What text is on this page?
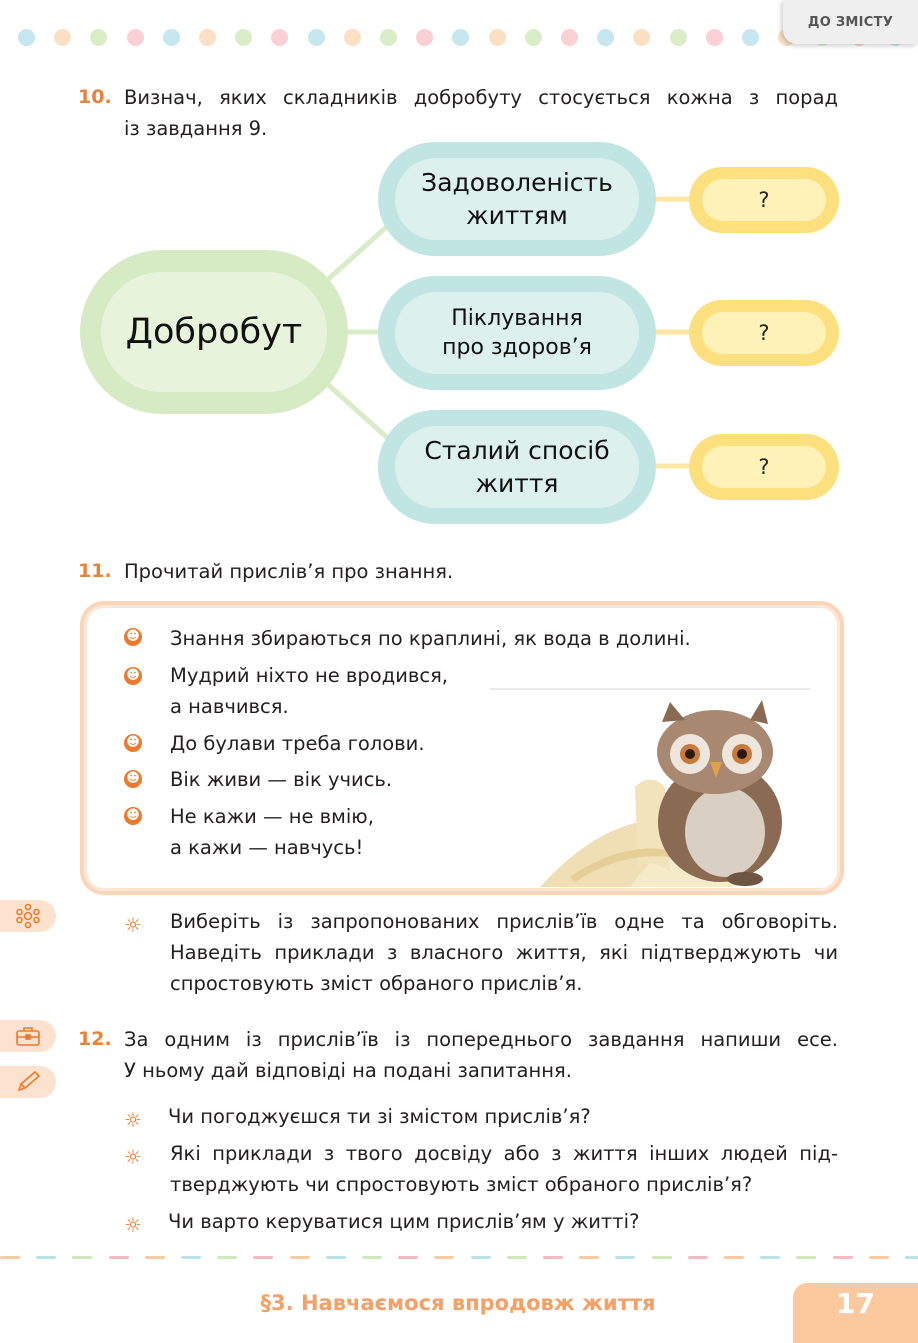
ДО ЗМІСТУ
10. Визнач, яких складників добробуту стосується кожна з порад
із завдання 9.
Добробут
Задоволеність
життям
?
Піклування
про здоров’я
?
Сталий спосіб
життя
?
11. Прочитай прислів’я про знання.
☻ Знання збираються по краплині, як вода в долині.
☻ Мудрий ніхто не вродився,
а навчився.
☻ До булави треба голови.
☻ Вік живи — вік учись.
☻ Не кажи — не вмію,
а кажи — навчусь!
☼ Виберіть із запропонованих прислів’їв одне та обговоріть.
Наведіть приклади з власного життя, які підтверджують чи
спростовують зміст обраного прислів’я.
12. За одним із прислів’їв із попереднього завдання напиши есе.
У ньому дай відповіді на подані запитання.
☼ Чи погоджуєшся ти зі змістом прислів’я?
☼ Які приклади з твого досвіду або з життя інших людей під-
тверджують чи спростовують зміст обраного прислів’я?
☼ Чи варто керуватися цим прислів’ям у житті?
§3. Навчаємося впродовж життя	17
